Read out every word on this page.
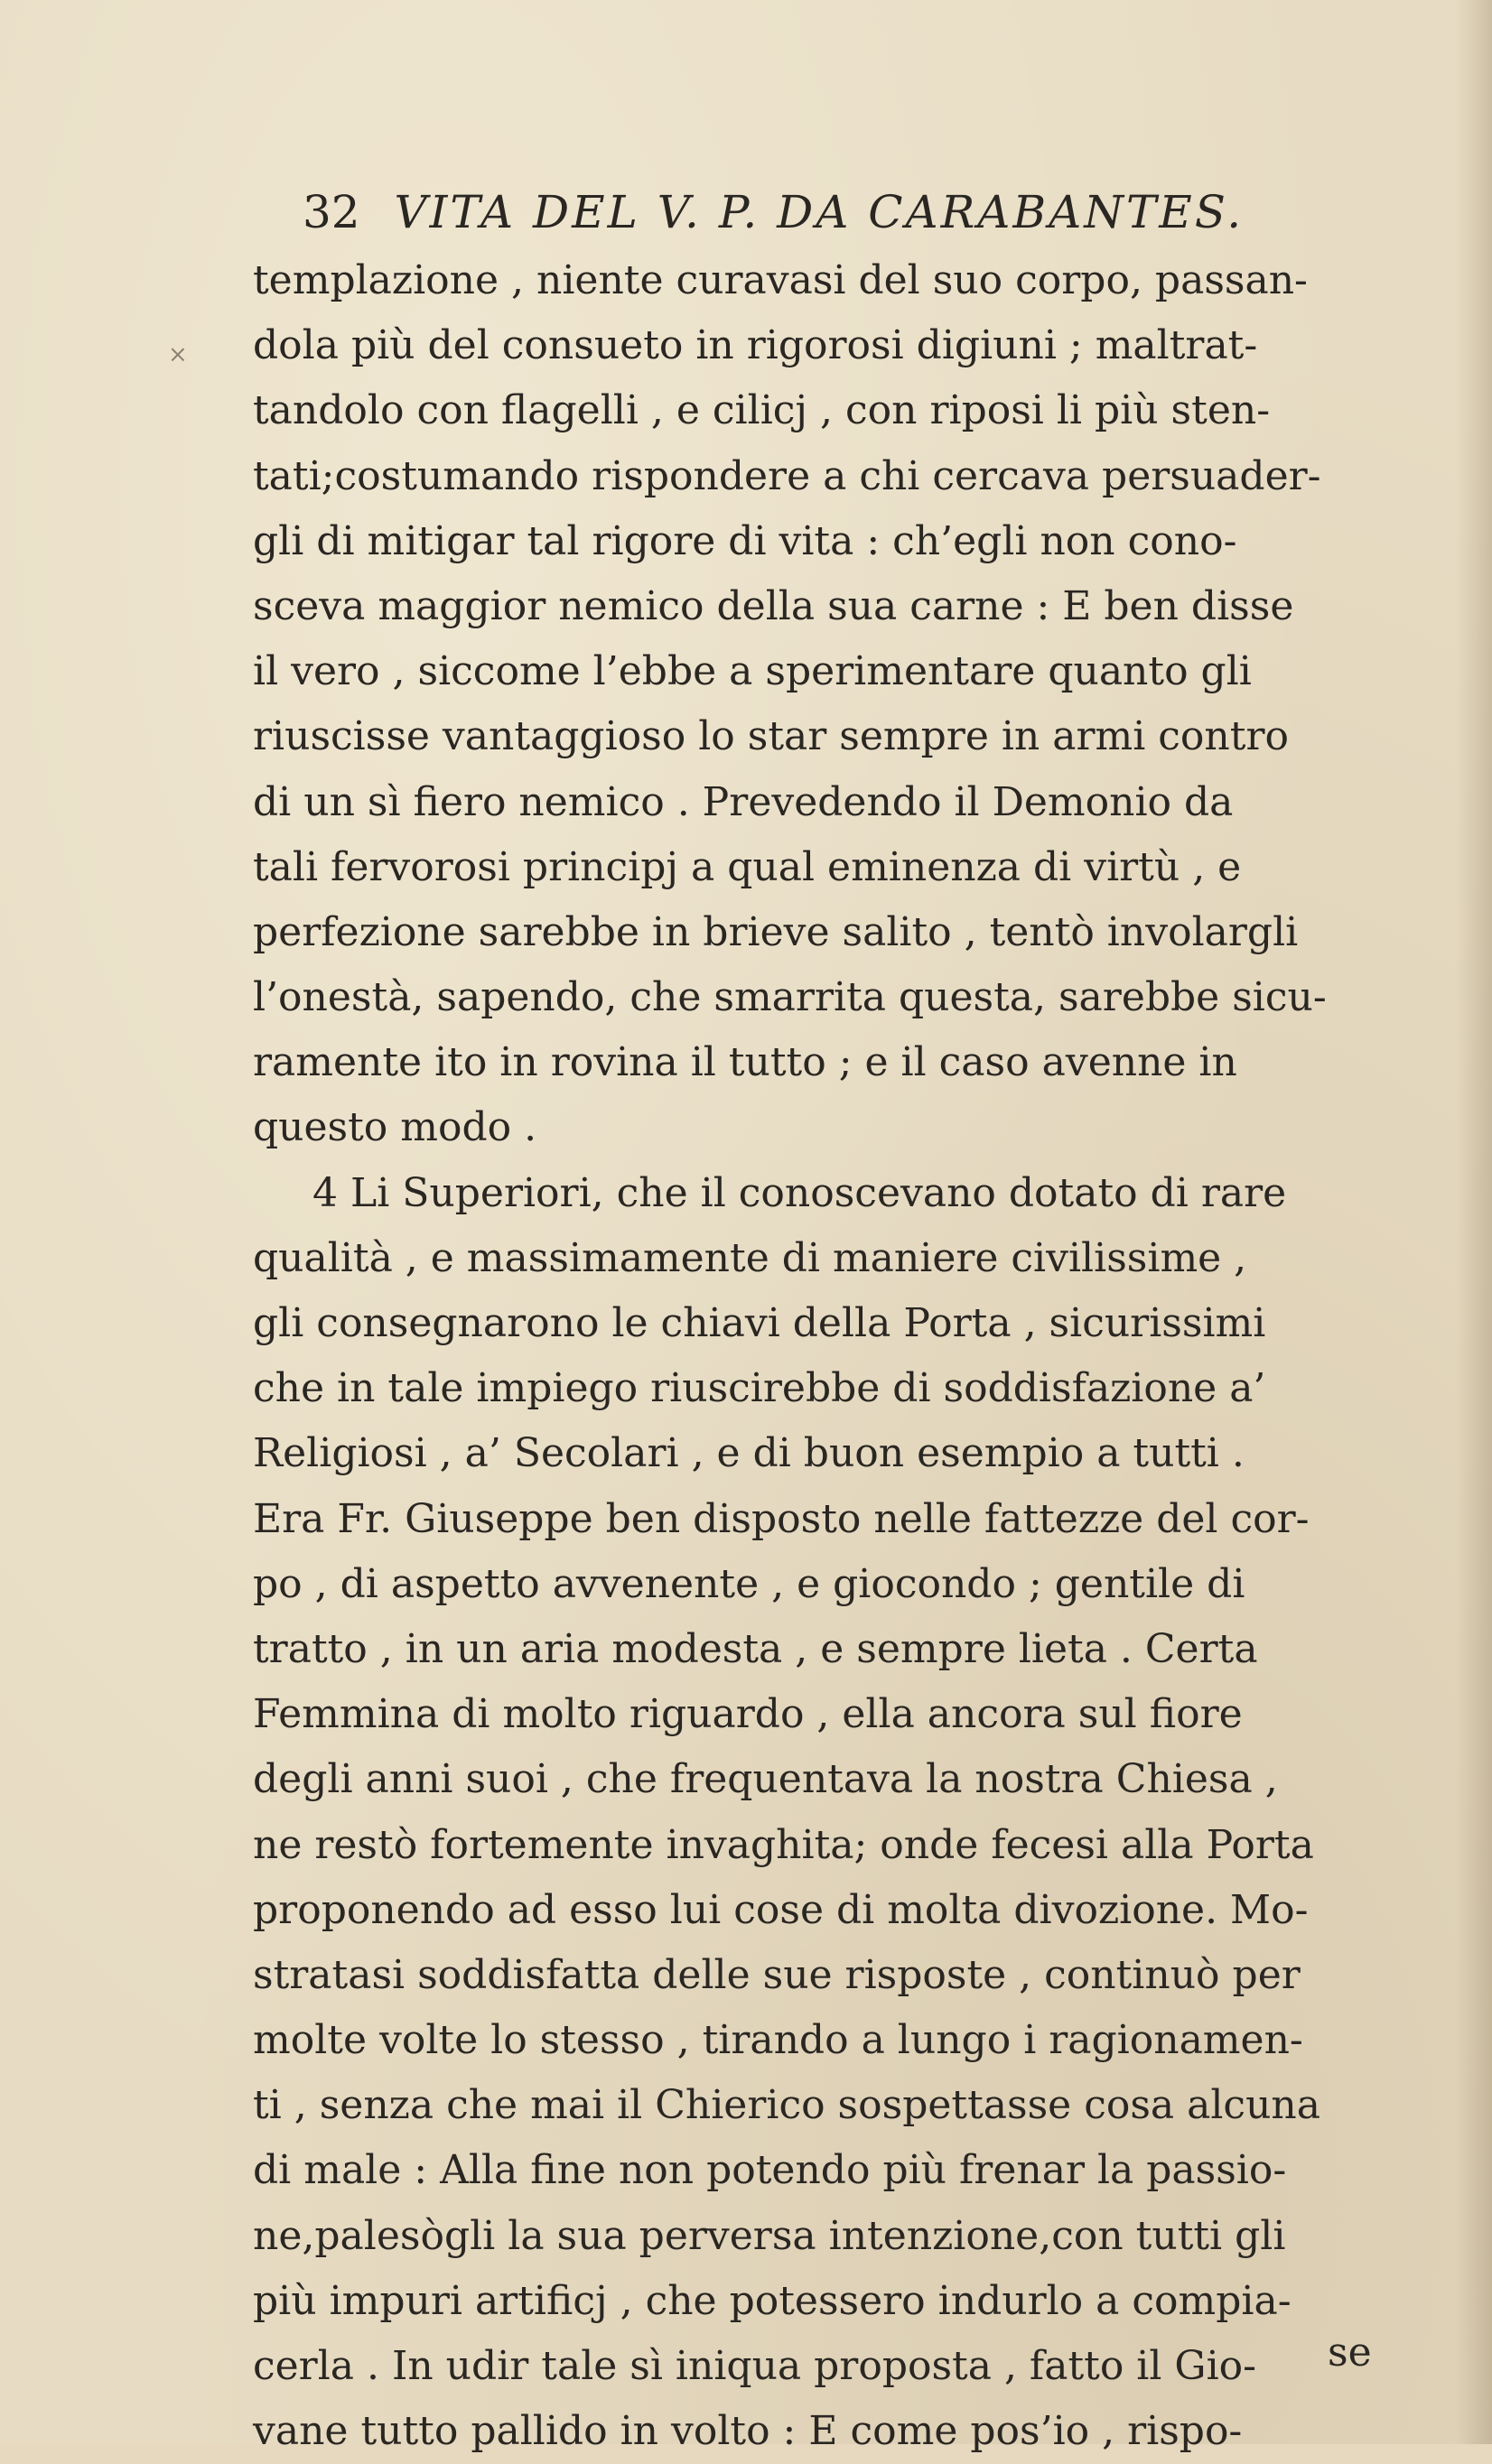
32 VITA DEL V. P. DA CARABANTES.
×
templazione , niente curavasi del suo corpo, passan-
dola più del consueto in rigorosi digiuni ; maltrat-
tandolo con flagelli , e cilicj , con riposi li più sten-
tati;costumando rispondere a chi cercava persuader-
gli di mitigar tal rigore di vita : ch’egli non cono-
sceva maggior nemico della sua carne : E ben disse
il vero , siccome l’ebbe a sperimentare quanto gli
riuscisse vantaggioso lo star sempre in armi contro
di un sì fiero nemico . Prevedendo il Demonio da
tali fervorosi principj a qual eminenza di virtù , e
perfezione sarebbe in brieve salito , tentò involargli
l’onestà, sapendo, che smarrita questa, sarebbe sicu-
ramente ito in rovina il tutto ; e il caso avenne in
questo modo .
4 Li Superiori, che il conoscevano dotato di rare
qualità , e massimamente di maniere civilissime ,
gli consegnarono le chiavi della Porta , sicurissimi
che in tale impiego riuscirebbe di soddisfazione a’
Religiosi , a’ Secolari , e di buon esempio a tutti .
Era Fr. Giuseppe ben disposto nelle fattezze del cor-
po , di aspetto avvenente , e giocondo ; gentile di
tratto , in un aria modesta , e sempre lieta . Certa
Femmina di molto riguardo , ella ancora sul fiore
degli anni suoi , che frequentava la nostra Chiesa ,
ne restò fortemente invaghita; onde fecesi alla Porta
proponendo ad esso lui cose di molta divozione. Mo-
stratasi soddisfatta delle sue risposte , continuò per
molte volte lo stesso , tirando a lungo i ragionamen-
ti , senza che mai il Chierico sospettasse cosa alcuna
di male : Alla fine non potendo più frenar la passio-
ne,palesògli la sua perversa intenzione,con tutti gli
più impuri artificj , che potessero indurlo a compia-
cerla . In udir tale sì iniqua proposta , fatto il Gio-
vane tutto pallido in volto : E come pos’io , rispo-
se
